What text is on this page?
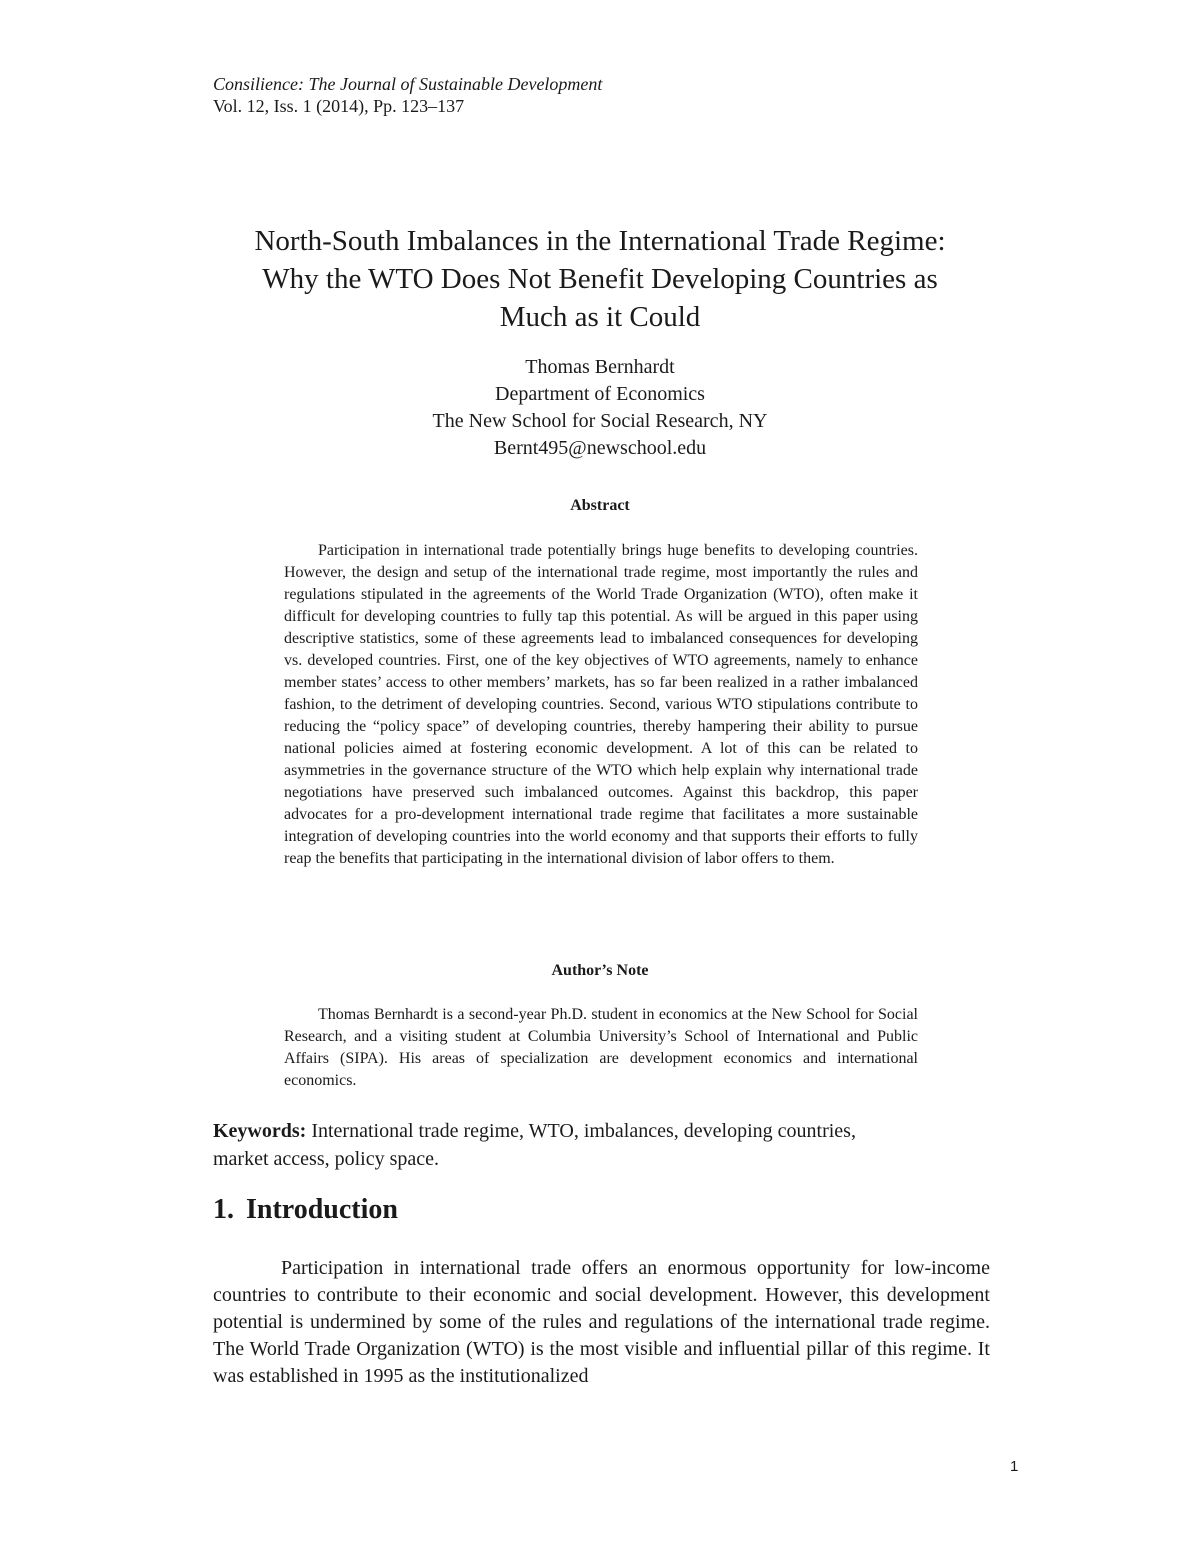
Consilience: The Journal of Sustainable Development
Vol. 12, Iss. 1 (2014), Pp. 123–137
North-South Imbalances in the International Trade Regime:
Why the WTO Does Not Benefit Developing Countries as
Much as it Could
Thomas Bernhardt
Department of Economics
The New School for Social Research, NY
Bernt495@newschool.edu
Abstract

Participation in international trade potentially brings huge benefits to developing countries. However, the design and setup of the international trade regime, most importantly the rules and regulations stipulated in the agreements of the World Trade Organization (WTO), often make it difficult for developing countries to fully tap this potential. As will be argued in this paper using descriptive statistics, some of these agreements lead to imbalanced consequences for developing vs. developed countries. First, one of the key objectives of WTO agreements, namely to enhance member states’ access to other members’ markets, has so far been realized in a rather imbalanced fashion, to the detriment of developing countries. Second, various WTO stipulations contribute to reducing the “policy space” of developing countries, thereby hampering their ability to pursue national policies aimed at fostering economic development. A lot of this can be related to asymmetries in the governance structure of the WTO which help explain why international trade negotiations have preserved such imbalanced outcomes. Against this backdrop, this paper advocates for a pro-development international trade regime that facilitates a more sustainable integration of developing countries into the world economy and that supports their efforts to fully reap the benefits that participating in the international division of labor offers to them.

Author’s Note

Thomas Bernhardt is a second-year Ph.D. student in economics at the New School for Social Research, and a visiting student at Columbia University’s School of International and Public Affairs (SIPA). His areas of specialization are development economics and international economics.

Keywords: International trade regime, WTO, imbalances, developing countries, market access, policy space.
1. Introduction

Participation in international trade offers an enormous opportunity for low-income countries to contribute to their economic and social development. However, this development potential is undermined by some of the rules and regulations of the international trade regime. The World Trade Organization (WTO) is the most visible and influential pillar of this regime. It was established in 1995 as the institutionalized

1
